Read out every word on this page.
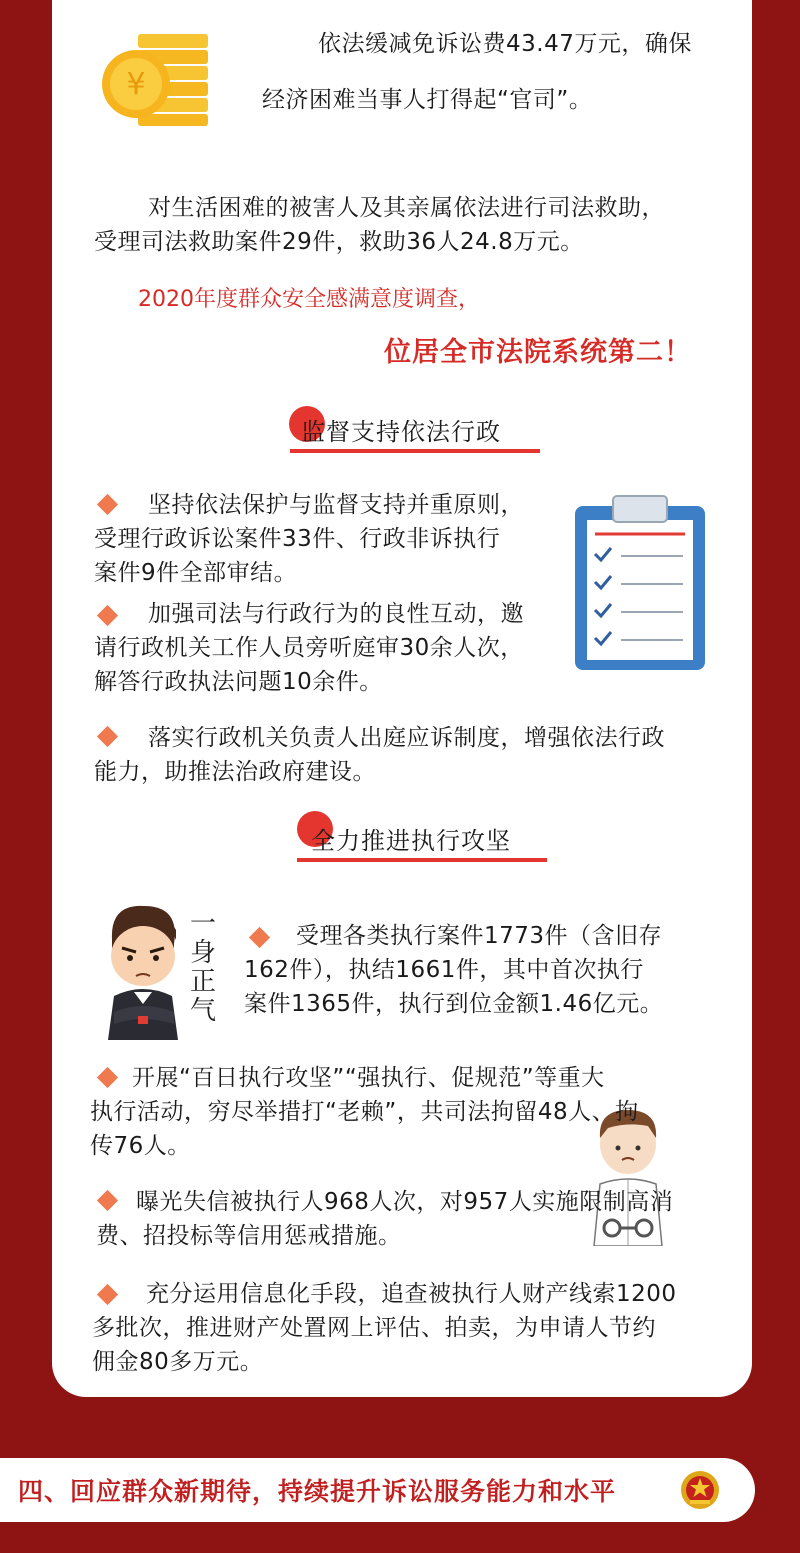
¥
依法缓减免诉讼费43.47万元，确保
经济困难当事人打得起“官司”。
对生活困难的被害人及其亲属依法进行司法救助，
受理司法救助案件29件，救助36人24.8万元。
2020年度群众安全感满意度调查，
位居全市法院系统第二！
监督支持依法行政
坚持依法保护与监督支持并重原则，
受理行政诉讼案件33件、行政非诉执行
案件9件全部审结。
加强司法与行政行为的良性互动，邀
请行政机关工作人员旁听庭审30余人次，
解答行政执法问题10余件。
落实行政机关负责人出庭应诉制度，增强依法行政
能力，助推法治政府建设。
全力推进执行攻坚
一
身
正
气
受理各类执行案件1773件（含旧存
162件），执结1661件，其中首次执行
案件1365件，执行到位金额1.46亿元。
开展“百日执行攻坚”“强执行、促规范”等重大
执行活动，穷尽举措打“老赖”，共司法拘留48人、拘
传76人。
曝光失信被执行人968人次，对957人实施限制高消
费、招投标等信用惩戒措施。
充分运用信息化手段，追查被执行人财产线索1200
多批次，推进财产处置网上评估、拍卖，为申请人节约
佣金80多万元。
四、回应群众新期待，持续提升诉讼服务能力和水平
